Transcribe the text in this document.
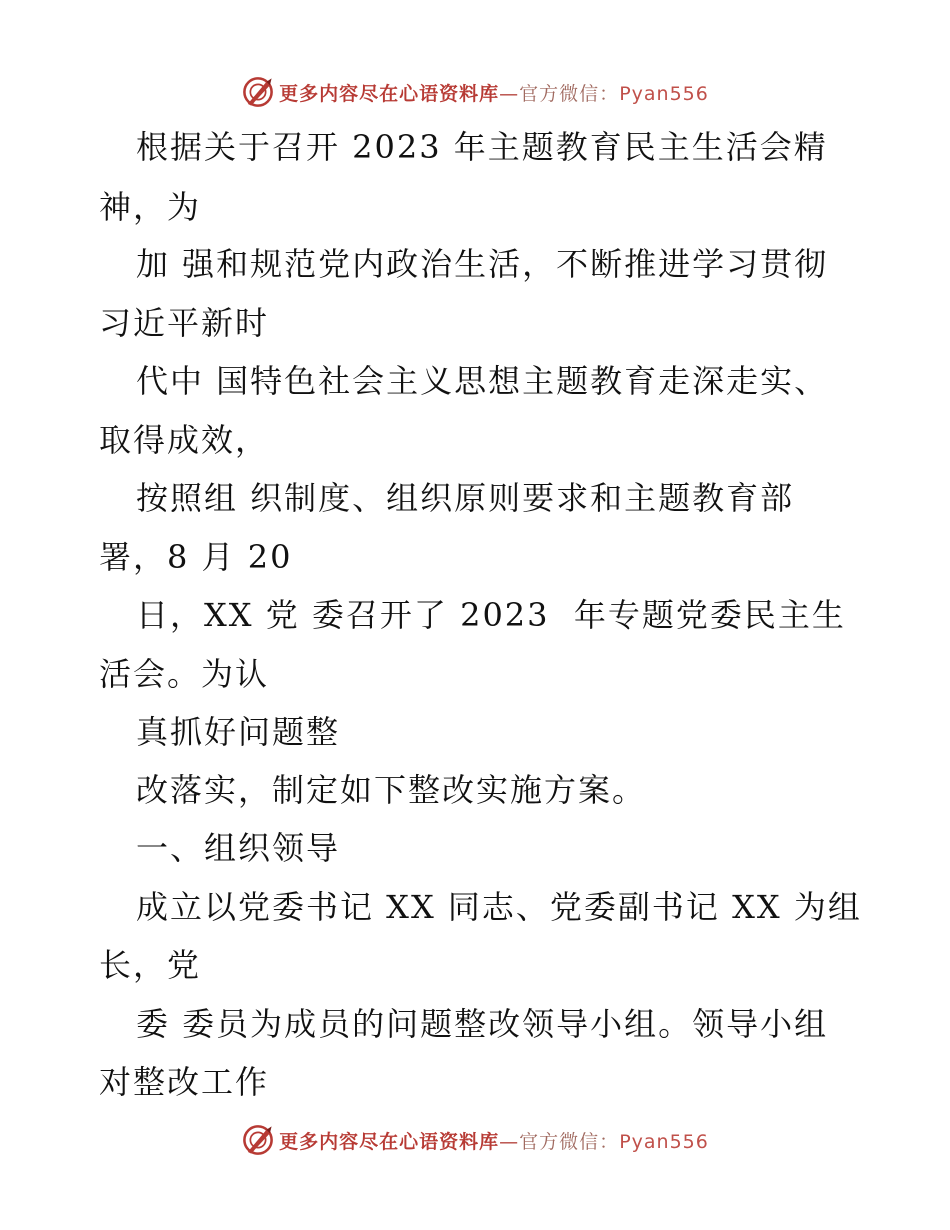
更多内容尽在心语资料库—官方微信：Pyan556
根据关于召开 2023 年主题教育民主生活会精
神，为
加 强和规范党内政治生活，不断推进学习贯彻
习近平新时
代中 国特色社会主义思想主题教育走深走实、
取得成效，
按照组 织制度、组织原则要求和主题教育部
署，8 月 20
日，XX 党 委召开了 2023  年专题党委民主生
活会。为认
真抓好问题整
改落实，制定如下整改实施方案。
一、组织领导
成立以党委书记 XX 同志、党委副书记 XX 为组
长，党
委 委员为成员的问题整改领导小组。领导小组
对整改工作
更多内容尽在心语资料库—官方微信：Pyan556
